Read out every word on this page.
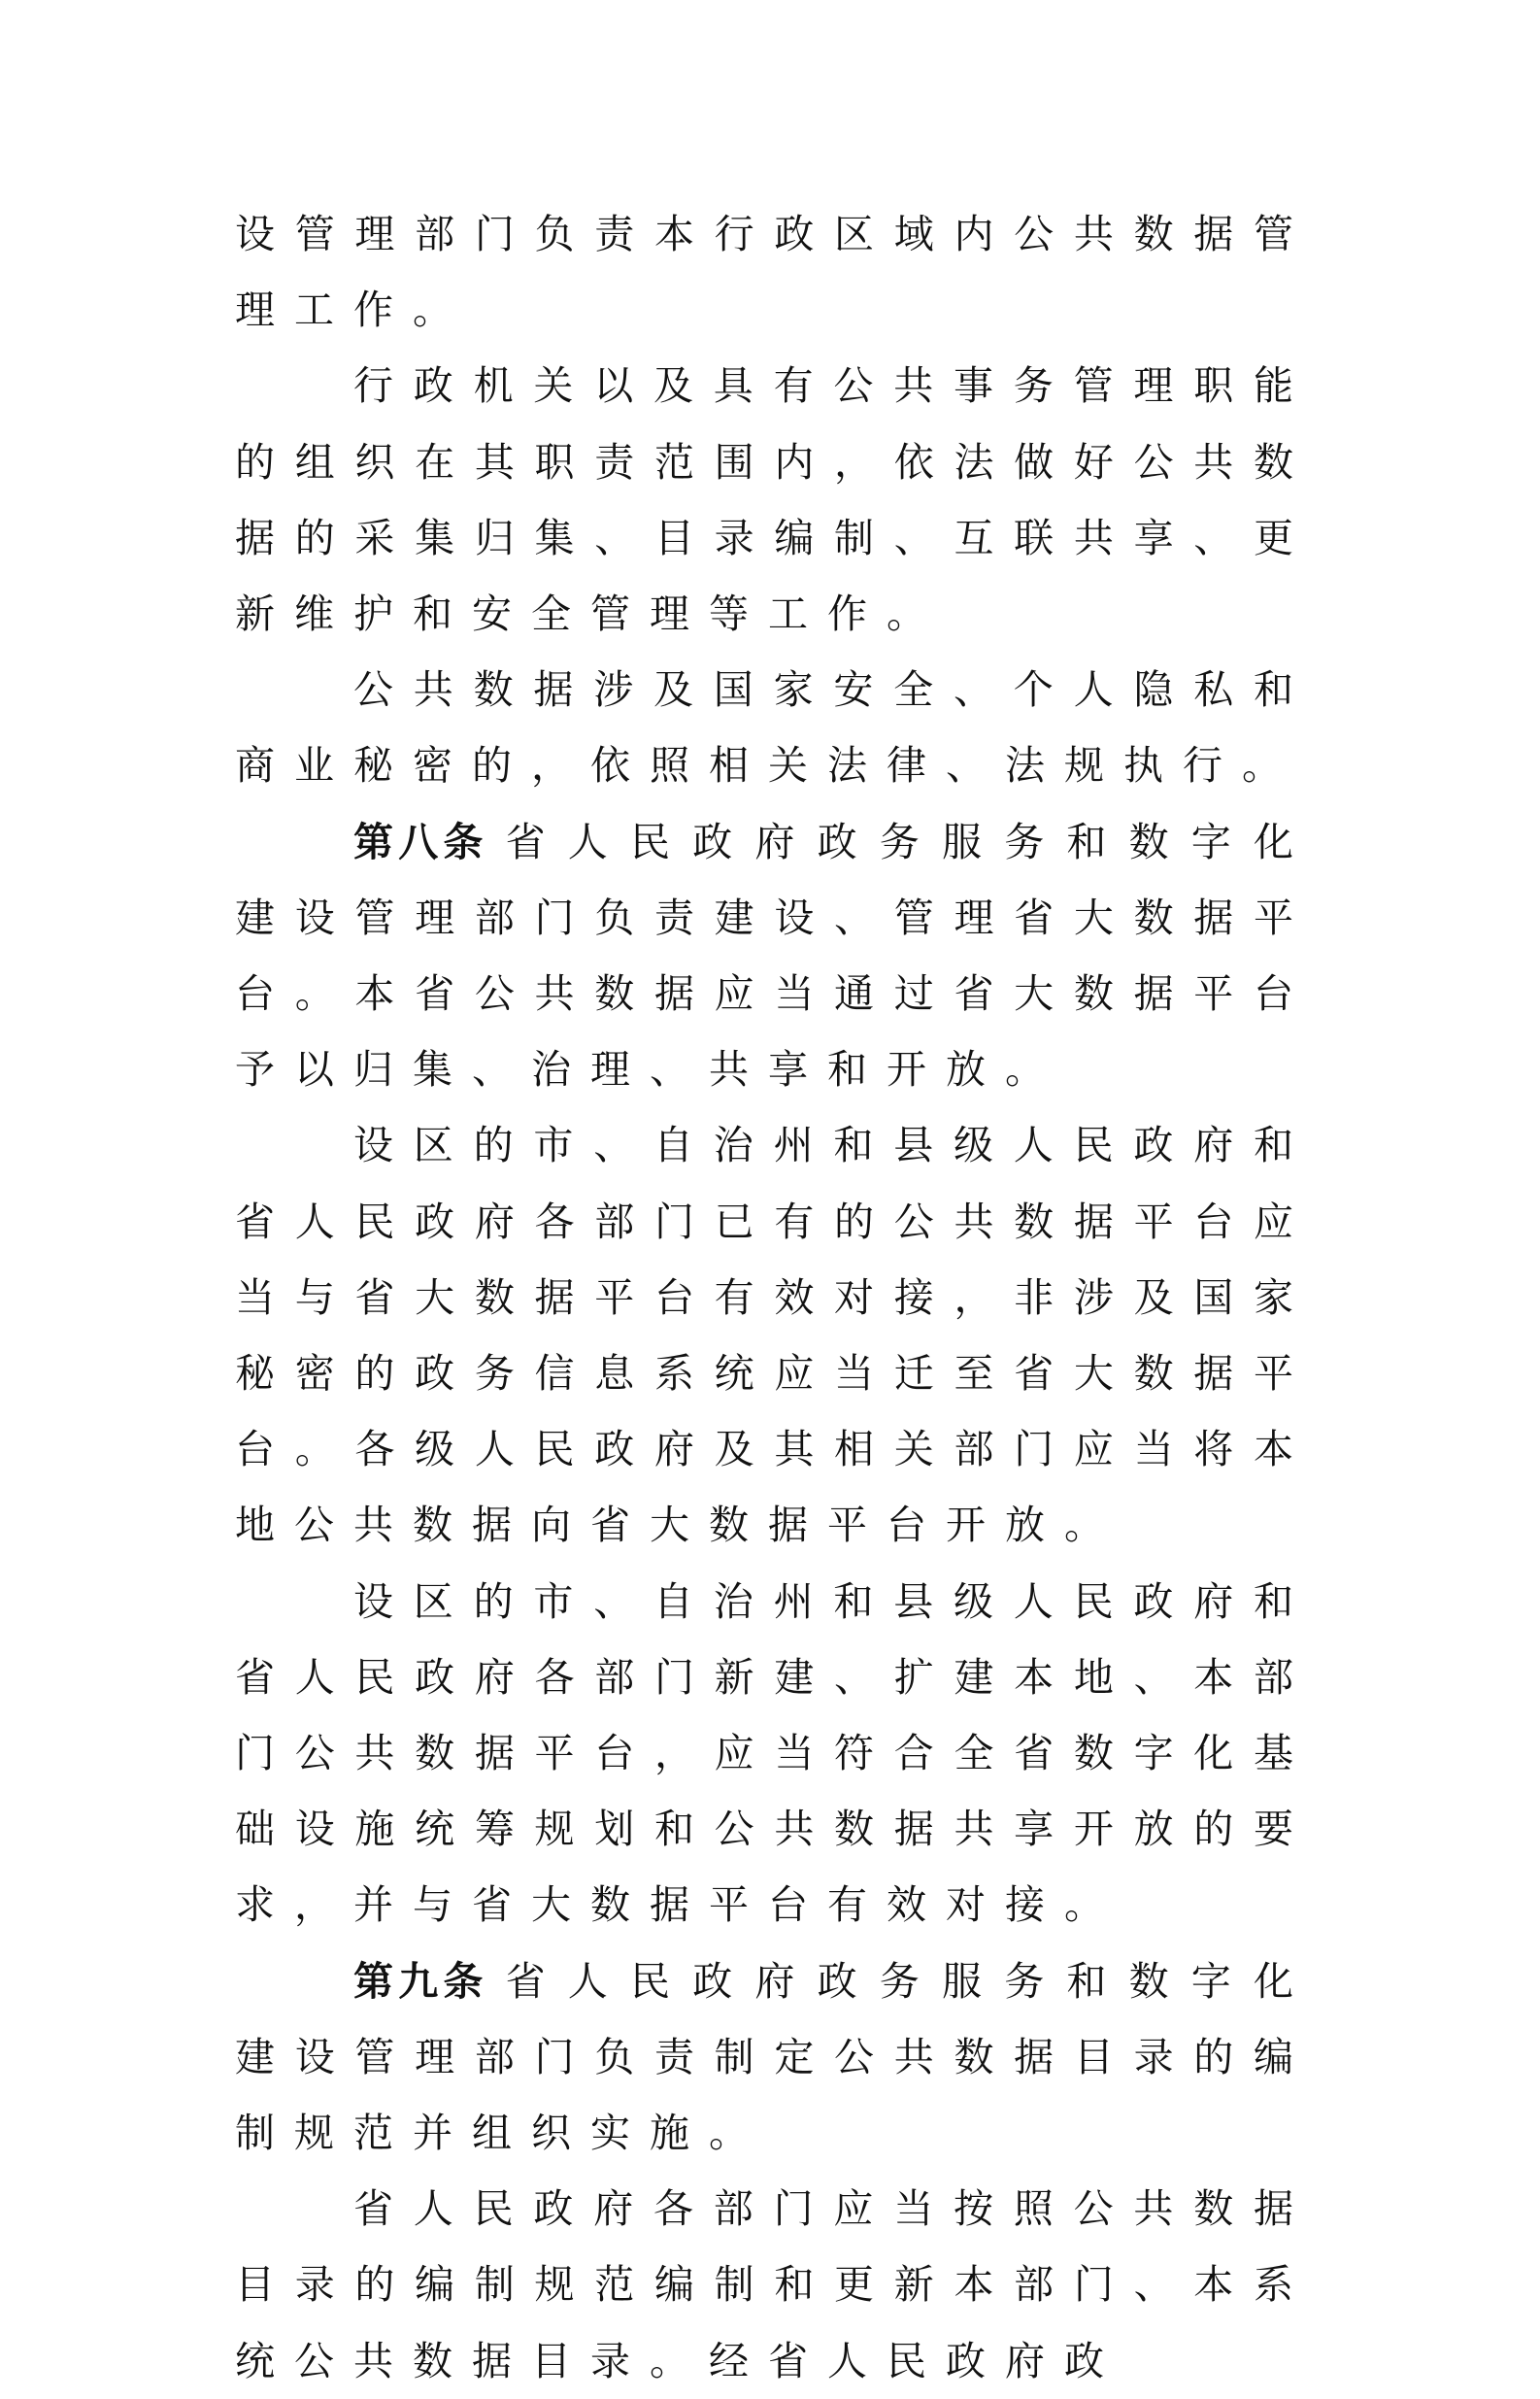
设管理部门负责本行政区域内公共数据管理工作。

行政机关以及具有公共事务管理职能的组织在其职责范围内，依法做好公共数据的采集归集、目录编制、互联共享、更新维护和安全管理等工作。

公共数据涉及国家安全、个人隐私和商业秘密的，依照相关法律、法规执行。

第八条 省人民政府政务服务和数字化建设管理部门负责建设、管理省大数据平台。本省公共数据应当通过省大数据平台予以归集、治理、共享和开放。

设区的市、自治州和县级人民政府和省人民政府各部门已有的公共数据平台应当与省大数据平台有效对接，非涉及国家秘密的政务信息系统应当迁至省大数据平台。各级人民政府及其相关部门应当将本地公共数据向省大数据平台开放。

设区的市、自治州和县级人民政府和省人民政府各部门新建、扩建本地、本部门公共数据平台，应当符合全省数字化基础设施统筹规划和公共数据共享开放的要求，并与省大数据平台有效对接。

第九条 省人民政府政务服务和数字化建设管理部门负责制定公共数据目录的编制规范并组织实施。

省人民政府各部门应当按照公共数据目录的编制规范编制和更新本部门、本系统公共数据目录。经省人民政府政
